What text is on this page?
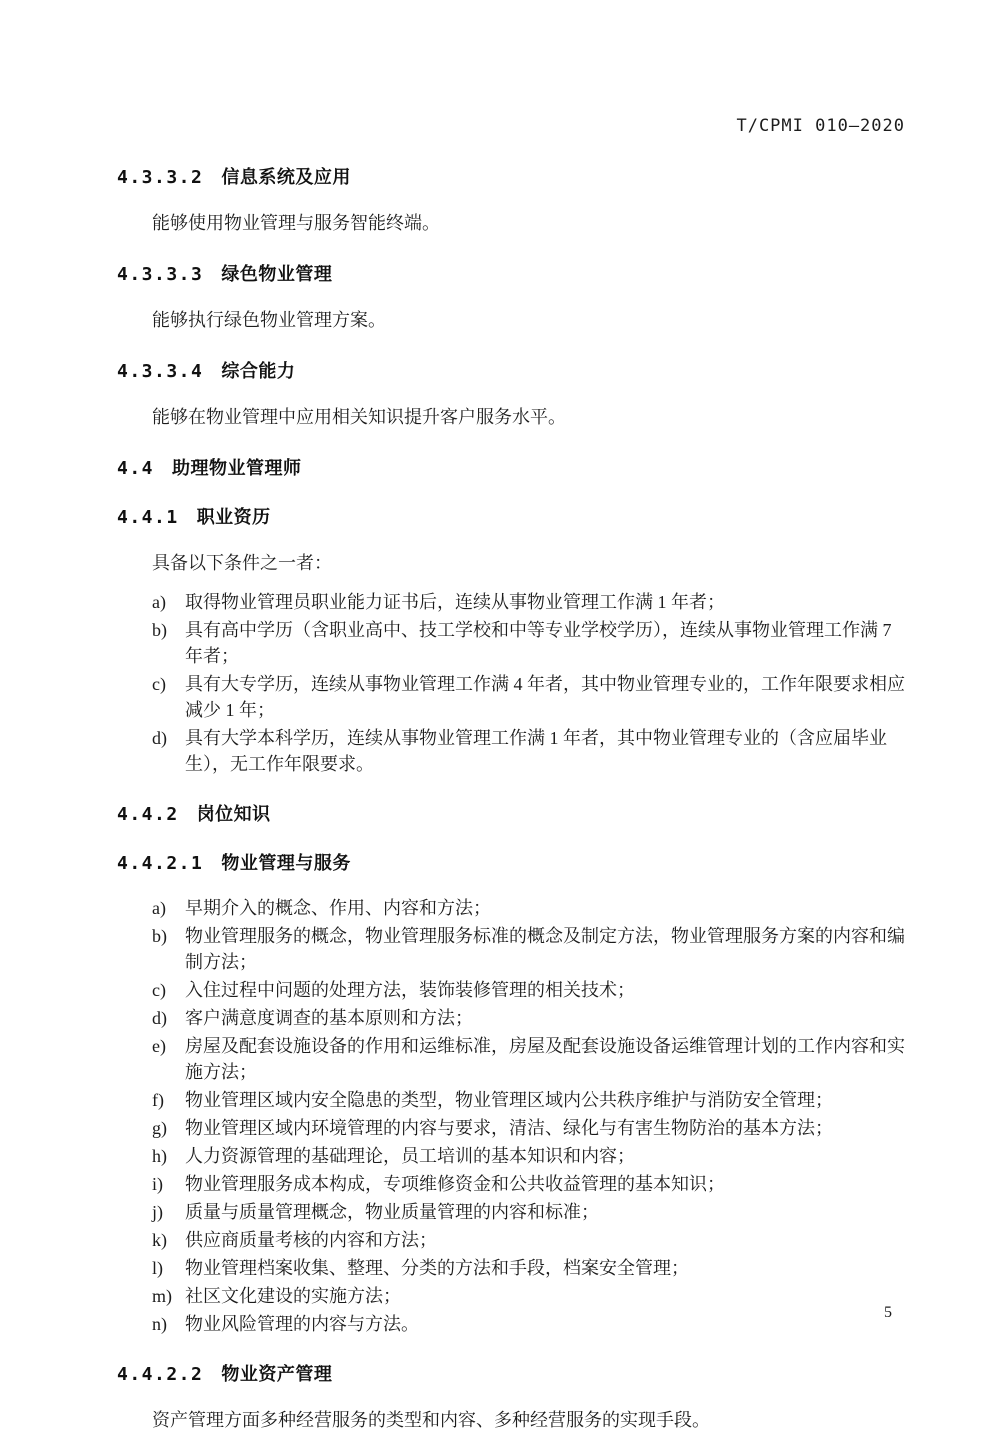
T/CPMI 010—2020
4.3.3.2 信息系统及应用

能够使用物业管理与服务智能终端。

4.3.3.3 绿色物业管理

能够执行绿色物业管理方案。

4.3.3.4 综合能力

能够在物业管理中应用相关知识提升客户服务水平。

4.4 助理物业管理师
4.4.1 职业资历

具备以下条件之一者：

a)	取得物业管理员职业能力证书后，连续从事物业管理工作满 1 年者；
b)	具有高中学历（含职业高中、技工学校和中等专业学校学历），连续从事物业管理工作满 7 年者；
c)	具有大专学历，连续从事物业管理工作满 4 年者，其中物业管理专业的，工作年限要求相应减少 1 年；
d)	具有大学本科学历，连续从事物业管理工作满 1 年者，其中物业管理专业的（含应届毕业生），无工作年限要求。
4.4.2 岗位知识
4.4.2.1 物业管理与服务
a)	早期介入的概念、作用、内容和方法；
b)	物业管理服务的概念，物业管理服务标准的概念及制定方法，物业管理服务方案的内容和编制方法；
c)	入住过程中问题的处理方法，装饰装修管理的相关技术；
d)	客户满意度调查的基本原则和方法；
e)	房屋及配套设施设备的作用和运维标准，房屋及配套设施设备运维管理计划的工作内容和实施方法；
f)	物业管理区域内安全隐患的类型，物业管理区域内公共秩序维护与消防安全管理；
g)	物业管理区域内环境管理的内容与要求，清洁、绿化与有害生物防治的基本方法；
h)	人力资源管理的基础理论，员工培训的基本知识和内容；
i)	物业管理服务成本构成，专项维修资金和公共收益管理的基本知识；
j)	质量与质量管理概念，物业质量管理的内容和标准；
k)	供应商质量考核的内容和方法；
l)	物业管理档案收集、整理、分类的方法和手段，档案安全管理；
m) 社区文化建设的实施方法；
n)	物业风险管理的内容与方法。
4.4.2.2 物业资产管理

资产管理方面多种经营服务的类型和内容、多种经营服务的实现手段。

5
